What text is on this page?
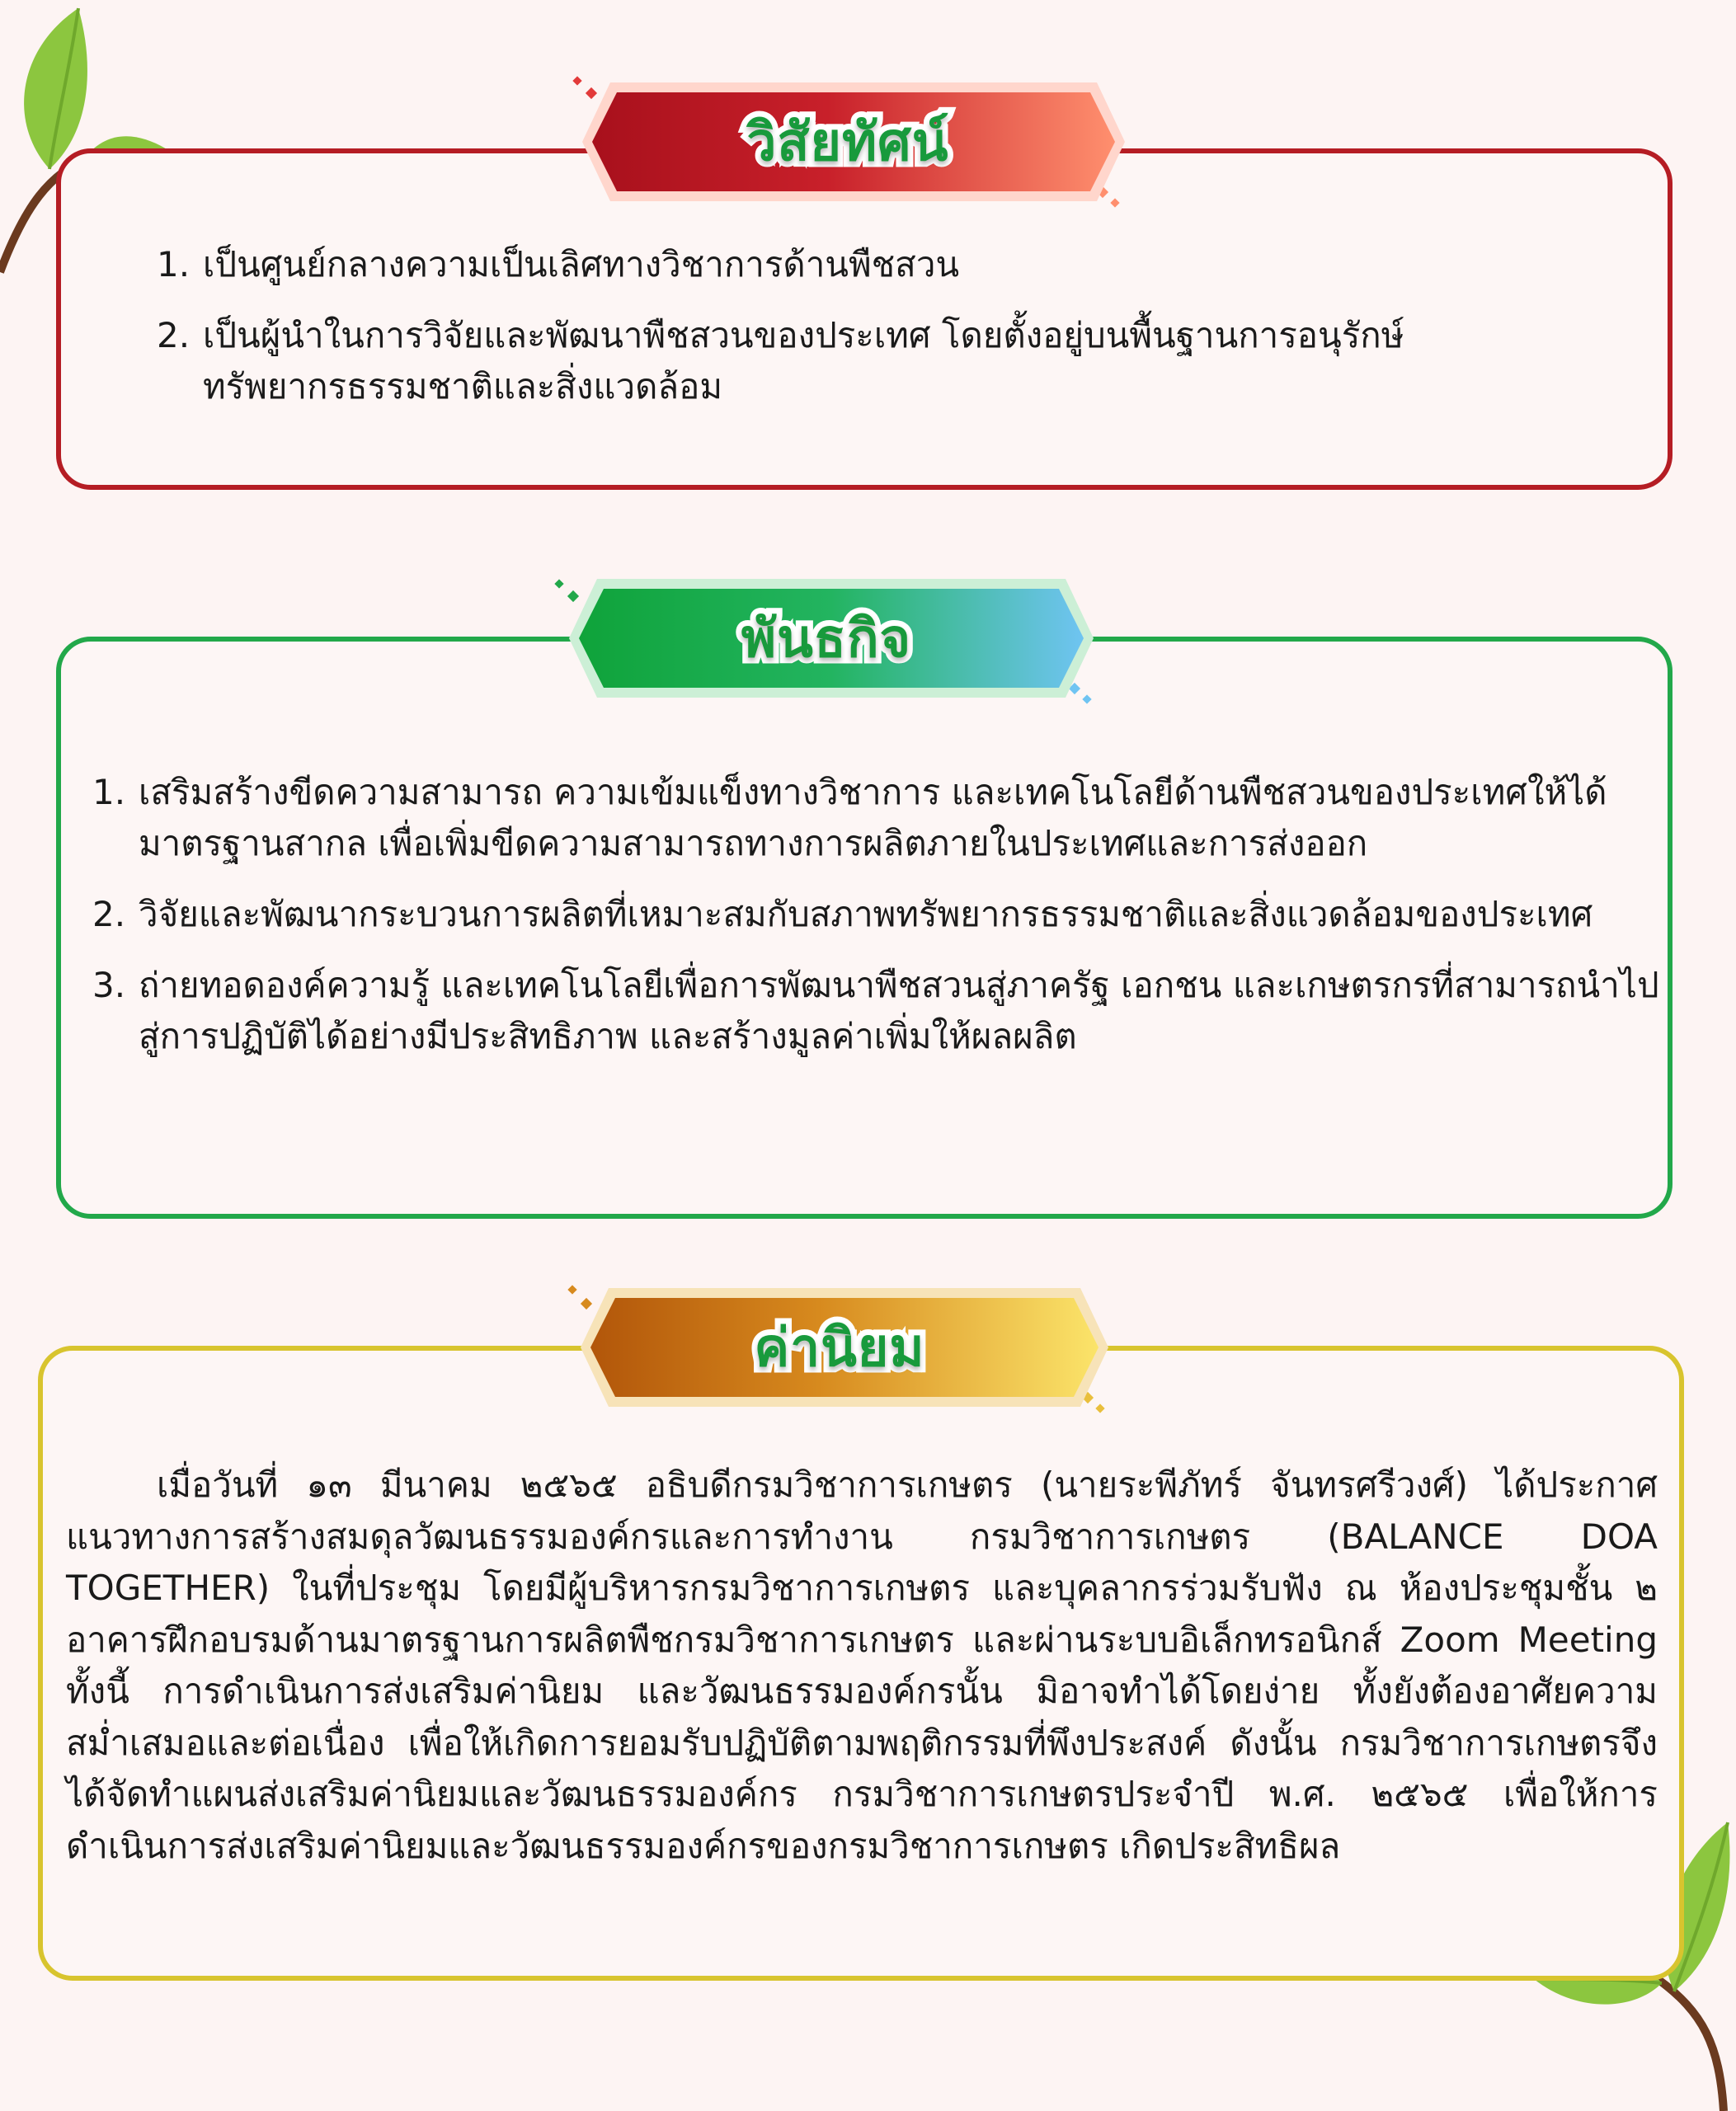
วิสัยทัศน์
1. เป็นศูนย์กลางความเป็นเลิศทางวิชาการด้านพืชสวน
2. เป็นผู้นำในการวิจัยและพัฒนาพืชสวนของประเทศ โดยตั้งอยู่บนพื้นฐานการอนุรักษ์ทรัพยากรธรรมชาติและสิ่งแวดล้อม
พันธกิจ
1. เสริมสร้างขีดความสามารถ ความเข้มแข็งทางวิชาการ และเทคโนโลยีด้านพืชสวนของประเทศให้ได้มาตรฐานสากล เพื่อเพิ่มขีดความสามารถทางการผลิตภายในประเทศและการส่งออก
2. วิจัยและพัฒนากระบวนการผลิตที่เหมาะสมกับสภาพทรัพยากรธรรมชาติและสิ่งแวดล้อมของประเทศ
3. ถ่ายทอดองค์ความรู้ และเทคโนโลยีเพื่อการพัฒนาพืชสวนสู่ภาครัฐ เอกชน และเกษตรกรที่สามารถนำไปสู่การปฏิบัติได้อย่างมีประสิทธิภาพ และสร้างมูลค่าเพิ่มให้ผลผลิต
ค่านิยม

เมื่อวันที่ ๑๓ มีนาคม ๒๕๖๕ อธิบดีกรมวิชาการเกษตร (นายระพีภัทร์ จันทรศรีวงศ์) ได้ประกาศแนวทางการสร้างสมดุลวัฒนธรรมองค์กรและการทำงาน กรมวิชาการเกษตร (BALANCE DOA TOGETHER) ในที่ประชุม โดยมีผู้บริหารกรมวิชาการเกษตร และบุคลากรร่วมรับฟัง ณ ห้องประชุมชั้น ๒ อาคารฝึกอบรมด้านมาตรฐานการผลิตพืชกรมวิชาการเกษตร และผ่านระบบอิเล็กทรอนิกส์ Zoom Meeting ทั้งนี้ การดำเนินการส่งเสริมค่านิยม และวัฒนธรรมองค์กรนั้น มิอาจทำได้โดยง่าย ทั้งยังต้องอาศัยความสม่ำเสมอและต่อเนื่อง เพื่อให้เกิดการยอมรับปฏิบัติตามพฤติกรรมที่พึงประสงค์ ดังนั้น กรมวิชาการเกษตรจึงได้จัดทำแผนส่งเสริมค่านิยมและวัฒนธรรมองค์กร กรมวิชาการเกษตรประจำปี พ.ศ. ๒๕๖๕ เพื่อให้การดำเนินการส่งเสริมค่านิยมและวัฒนธรรมองค์กรของกรมวิชาการเกษตร เกิดประสิทธิผล
